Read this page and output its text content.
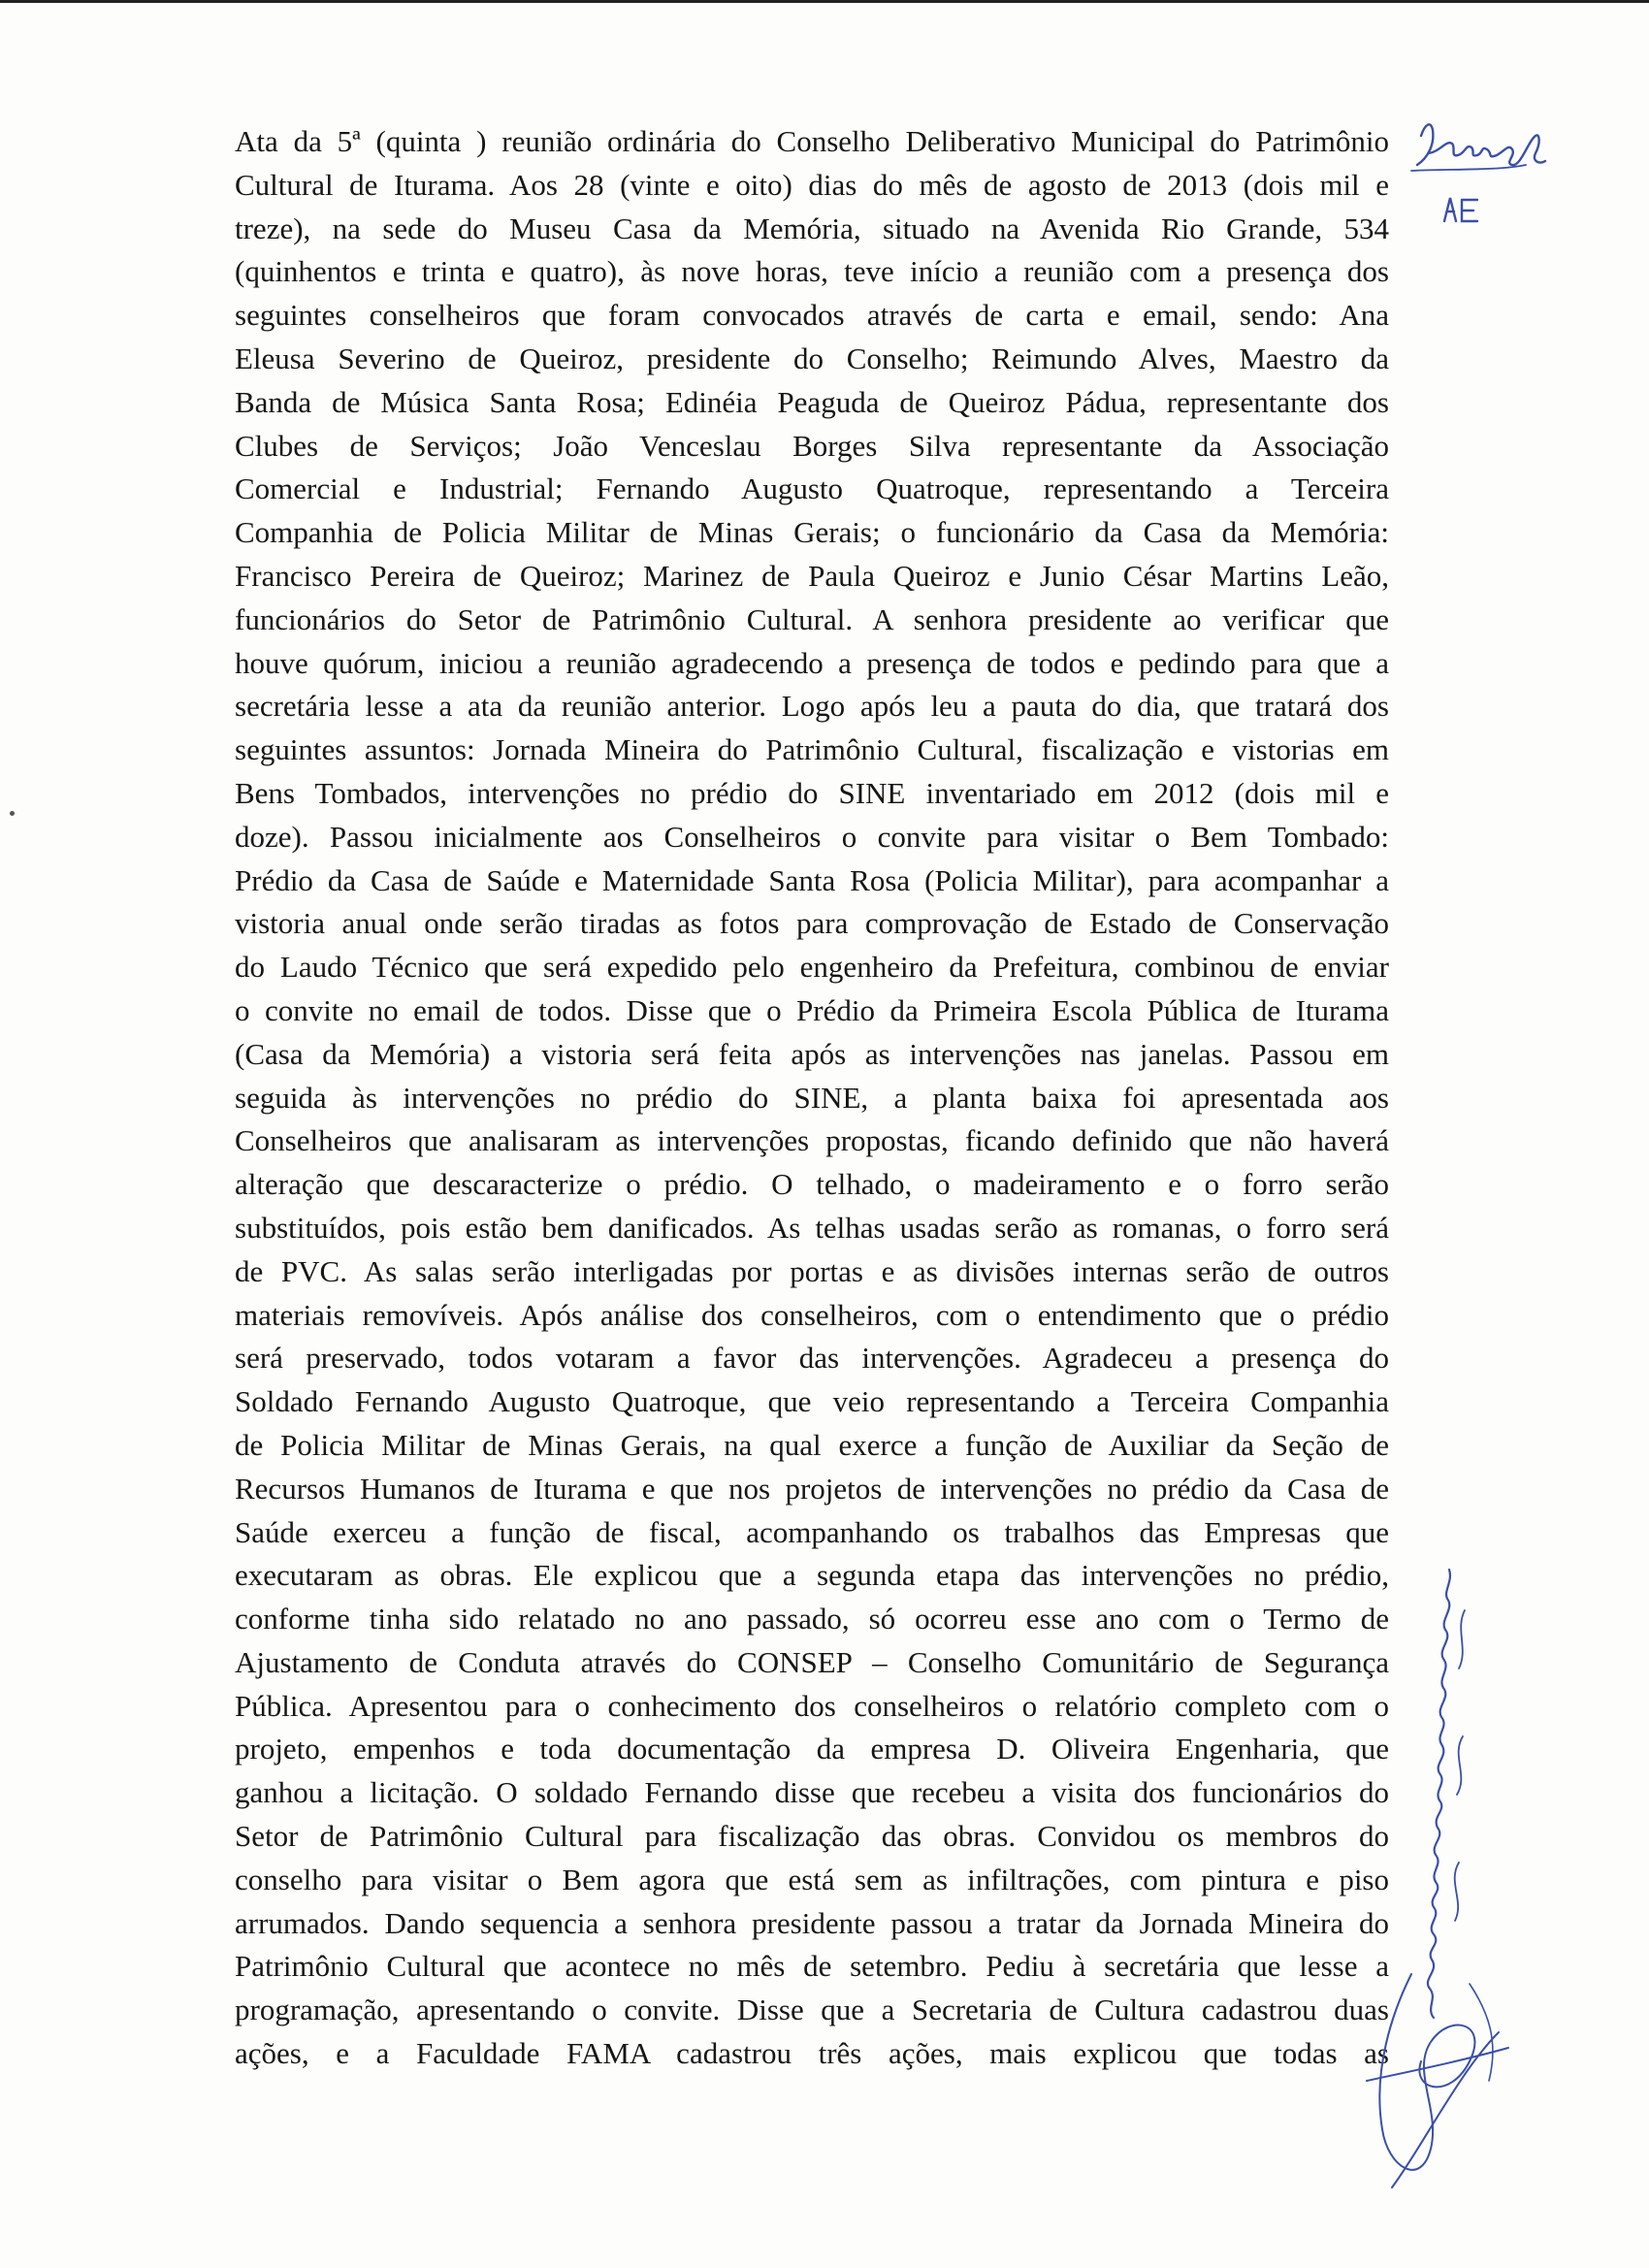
Ata da 5ª (quinta ) reunião ordinária do Conselho Deliberativo Municipal do Patrimônio
Cultural de Iturama. Aos 28 (vinte e oito) dias do mês de agosto de 2013 (dois mil e
treze), na sede do Museu Casa da Memória, situado na Avenida Rio Grande, 534
(quinhentos e trinta e quatro), às nove horas, teve início a reunião com a presença dos
seguintes conselheiros que foram convocados através de carta e email, sendo: Ana
Eleusa Severino de Queiroz, presidente do Conselho; Reimundo Alves, Maestro da
Banda de Música Santa Rosa; Edinéia Peaguda de Queiroz Pádua, representante dos
Clubes de Serviços; João Venceslau Borges Silva representante da Associação
Comercial e Industrial; Fernando Augusto Quatroque, representando a Terceira
Companhia de Policia Militar de Minas Gerais; o funcionário da Casa da Memória:
Francisco Pereira de Queiroz; Marinez de Paula Queiroz e Junio César Martins Leão,
funcionários do Setor de Patrimônio Cultural. A senhora presidente ao verificar que
houve quórum, iniciou a reunião agradecendo a presença de todos e pedindo para que a
secretária lesse a ata da reunião anterior. Logo após leu a pauta do dia, que tratará dos
seguintes assuntos: Jornada Mineira do Patrimônio Cultural, fiscalização e vistorias em
Bens Tombados, intervenções no prédio do SINE inventariado em 2012 (dois mil e
doze). Passou inicialmente aos Conselheiros o convite para visitar o Bem Tombado:
Prédio da Casa de Saúde e Maternidade Santa Rosa (Policia Militar), para acompanhar a
vistoria anual onde serão tiradas as fotos para comprovação de Estado de Conservação
do Laudo Técnico que será expedido pelo engenheiro da Prefeitura, combinou de enviar
o convite no email de todos. Disse que o Prédio da Primeira Escola Pública de Iturama
(Casa da Memória) a vistoria será feita após as intervenções nas janelas. Passou em
seguida às intervenções no prédio do SINE, a planta baixa foi apresentada aos
Conselheiros que analisaram as intervenções propostas, ficando definido que não haverá
alteração que descaracterize o prédio. O telhado, o madeiramento e o forro serão
substituídos, pois estão bem danificados. As telhas usadas serão as romanas, o forro será
de PVC. As salas serão interligadas por portas e as divisões internas serão de outros
materiais removíveis. Após análise dos conselheiros, com o entendimento que o prédio
será preservado, todos votaram a favor das intervenções. Agradeceu a presença do
Soldado Fernando Augusto Quatroque, que veio representando a Terceira Companhia
de Policia Militar de Minas Gerais, na qual exerce a função de Auxiliar da Seção de
Recursos Humanos de Iturama e que nos projetos de intervenções no prédio da Casa de
Saúde exerceu a função de fiscal, acompanhando os trabalhos das Empresas que
executaram as obras. Ele explicou que a segunda etapa das intervenções no prédio,
conforme tinha sido relatado no ano passado, só ocorreu esse ano com o Termo de
Ajustamento de Conduta através do CONSEP – Conselho Comunitário de Segurança
Pública. Apresentou para o conhecimento dos conselheiros o relatório completo com o
projeto, empenhos e toda documentação da empresa D. Oliveira Engenharia, que
ganhou a licitação. O soldado Fernando disse que recebeu a visita dos funcionários do
Setor de Patrimônio Cultural para fiscalização das obras. Convidou os membros do
conselho para visitar o Bem agora que está sem as infiltrações, com pintura e piso
arrumados. Dando sequencia a senhora presidente passou a tratar da Jornada Mineira do
Patrimônio Cultural que acontece no mês de setembro. Pediu à secretária que lesse a
programação, apresentando o convite. Disse que a Secretaria de Cultura cadastrou duas
ações, e a Faculdade FAMA cadastrou três ações, mais explicou que todas as
